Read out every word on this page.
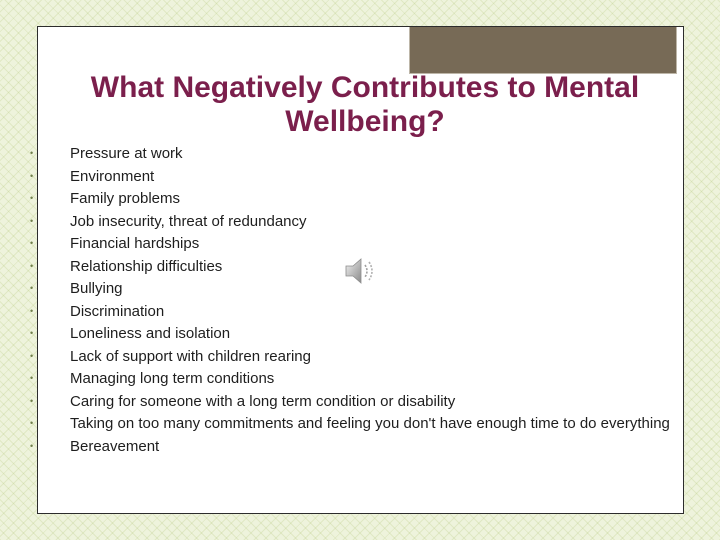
What Negatively Contributes to Mental Wellbeing?
• Pressure at work
• Environment
• Family problems
• Job insecurity, threat of redundancy
• Financial hardships
• Relationship difficulties
• Bullying
• Discrimination
• Loneliness and isolation
• Lack of support with children rearing
• Managing long term conditions
• Caring for someone with a long term condition or disability
• Taking on too many commitments and feeling you don't have enough time to do everything
• Bereavement
